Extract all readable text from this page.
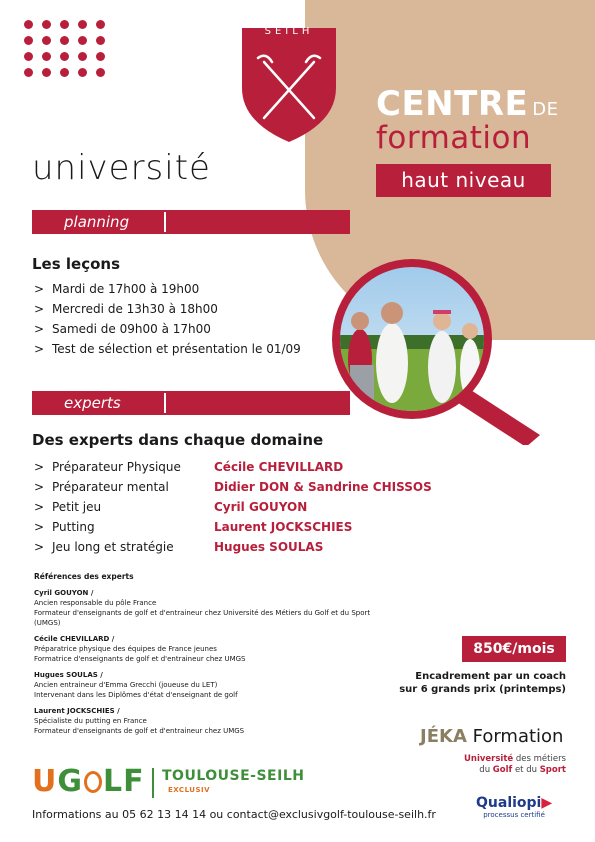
SEILH
CENTRE DE
formation
haut niveau
université
planning
Les leçons
> Mardi de 17h00 à 19h00
> Mercredi de 13h30 à 18h00
> Samedi de 09h00 à 17h00
> Test de sélection et présentation le 01/09
experts
Des experts dans chaque domaine
> Préparateur Physique	Cécile CHEVILLARD
> Préparateur mental	Didier DON & Sandrine CHISSOS
> Petit jeu	Cyril GOUYON
> Putting	Laurent JOCKSCHIES
> Jeu long et stratégie	Hugues SOULAS
Références des experts
Cyril GOUYON /
Ancien responsable du pôle France
Formateur d'enseignants de golf et d'entraineur chez Université des Métiers du Golf et du Sport (UMGS)
Cécile CHEVILLARD /
Préparatrice physique des équipes de France jeunes
Formatrice d'enseignants de golf et d'entraineur chez UMGS
Hugues SOULAS /
Ancien entraineur d'Emma Grecchi (joueuse du LET)
Intervenant dans les Diplômes d'état d'enseignant de golf
Laurent JOCKSCHIES /
Spécialiste du putting en France
Formateur d'enseignants de golf et d'entraineur chez UMGS
850€/mois
Encadrement par un coach
sur 6 grands prix (printemps)
JÉKA Formation
Université des métiers
du Golf et du Sport
Qualiopi▶
processus certifié
UG LF TOULOUSE-SEILH
EXCLUSIV
Informations au 05 62 13 14 14 ou contact@exclusivgolf-toulouse-seilh.fr
